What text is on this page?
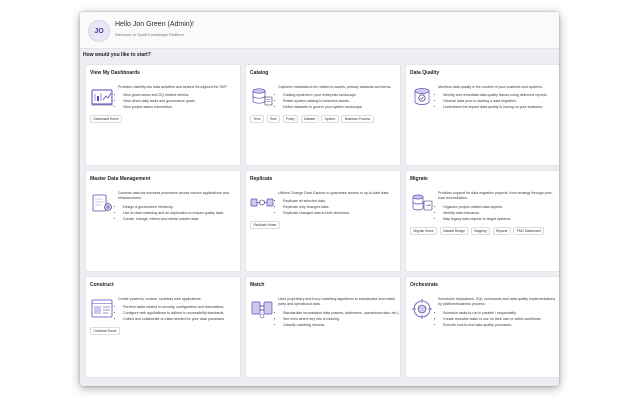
JO
Hello Jon Green (Admin)!
Welcome to Syniti Knowledge Platform
How would you like to start?
View My Dashboards
Provides visibility into data activities and actions throughout the SKP.
• View governance and DQ related metrics.
• View direct daily tasks and governance goals.
• View project status information.
Dashboard Home
Catalog
Captures metadata to be related to assets, primary datasets and terms.
• Catalog systems in your enterprise landscape.
• Relate system catalog to business assets.
• Define datasets to govern your system landscape.
Term	Rule	Policy	Dataset	System	Business Process
Data Quality
Monitors data quality in the context of your business and systems.
• Identify and remediate data quality issues using delivered reports.
• Cleanse data prior to starting a data migration.
• Understand the impact data quality is having on your business.
Master Data Management
Governs data via business processes across various applications and infrastructures.
• Design a governance hierarchy.
• Use AI data matching and de-duplication to ensure quality data.
• Create, change, extend and delete master data.
Replicate
Utilizes Change Data Capture to guarantee access to up-to-date data.
• Replicate all selected data.
• Replicate only changed data.
• Replicate changed data in both directions.
Replicate Home
Migrate
Provides support for data migration projects, from strategy through post-load reconciliation.
• Organize project-related data objects.
• Identify data relevance.
• Map legacy data objects to target systems.
Migrate Home	Dataset Design	Mapping	Reports	PMO Dashboard
Construct
Create powerful, custom, codeless web applications.
• Perform tasks related to security, configuration and translations.
• Configure web applications to adhere to accessibility standards.
• Collect and collaborate on data needed for your data processes.
Construct Home
Match
Uses proprietary and fuzzy matching algorithms to standardize and match party and operational data.
• Standardize inconsistent data (names, addresses, operational data, etc.).
• See lines where key info is missing.
• Classify matching records.
Orchestrate
Schedules replications, SQL commands and data quality implementations by platform/business process.
• Schedule tasks to run in parallel / sequentially.
• Create reusable tasks to use on their own or within workflows.
• Execute end-to-end data quality processes.
